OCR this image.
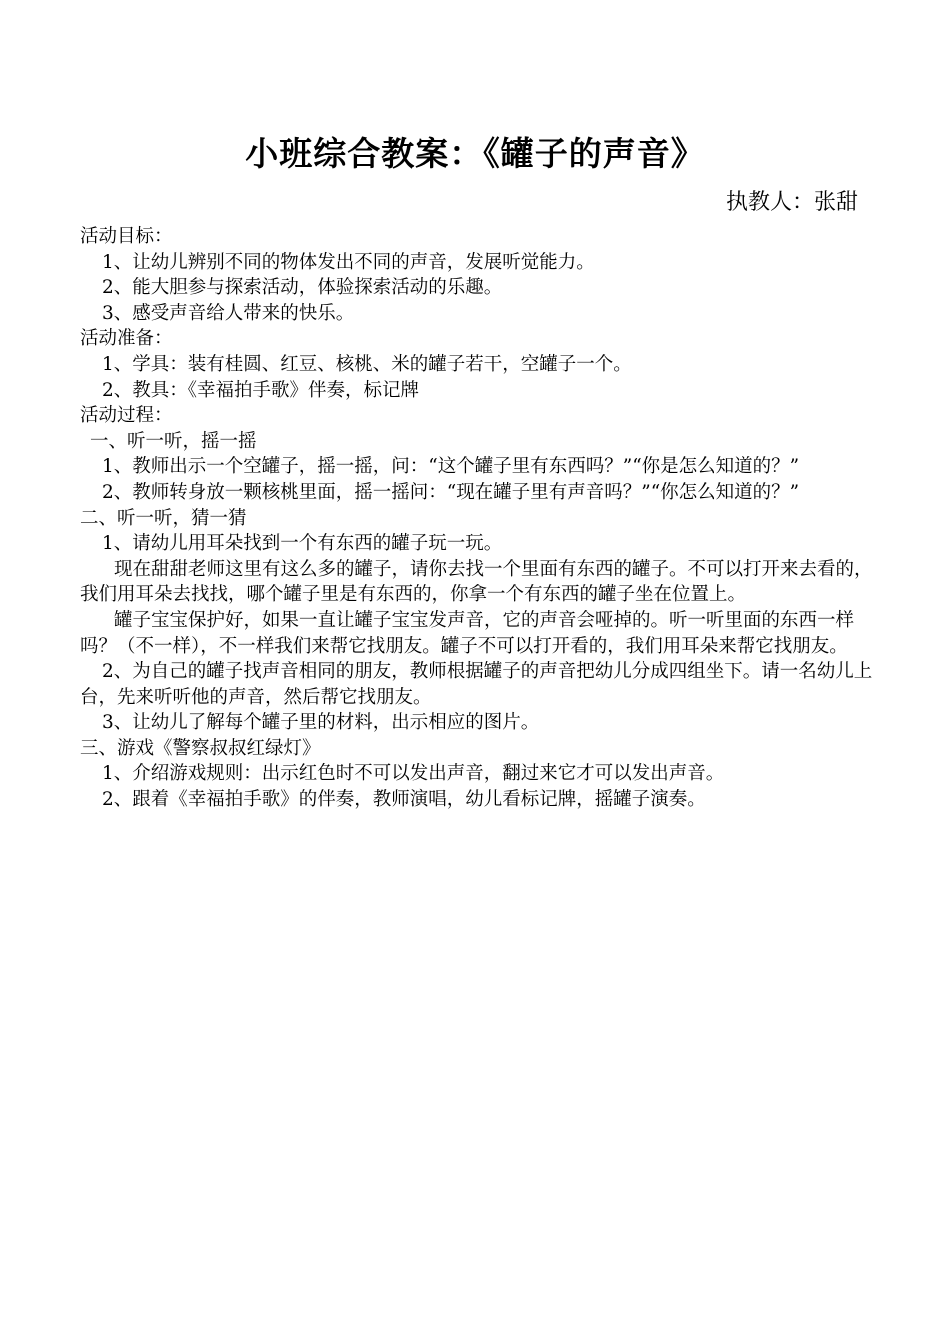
小班综合教案：《罐子的声音》
执教人：张甜
活动目标：
1、让幼儿辨别不同的物体发出不同的声音，发展听觉能力。
2、能大胆参与探索活动，体验探索活动的乐趣。
3、感受声音给人带来的快乐。
活动准备：
1、学具：装有桂圆、红豆、核桃、米的罐子若干，空罐子一个。
2、教具：《幸福拍手歌》伴奏，标记牌
活动过程：
一、听一听，摇一摇
1、教师出示一个空罐子，摇一摇，问：“这个罐子里有东西吗？”“你是怎么知道的？”
2、教师转身放一颗核桃里面，摇一摇问：“现在罐子里有声音吗？”“你怎么知道的？”
二、听一听，猜一猜
1、请幼儿用耳朵找到一个有东西的罐子玩一玩。
现在甜甜老师这里有这么多的罐子，请你去找一个里面有东西的罐子。不可以打开来去看的，我们用耳朵去找找，哪个罐子里是有东西的，你拿一个有东西的罐子坐在位置上。
罐子宝宝保护好，如果一直让罐子宝宝发声音，它的声音会哑掉的。听一听里面的东西一样吗？（不一样），不一样我们来帮它找朋友。罐子不可以打开看的，我们用耳朵来帮它找朋友。
2、为自己的罐子找声音相同的朋友，教师根据罐子的声音把幼儿分成四组坐下。请一名幼儿上台，先来听听他的声音，然后帮它找朋友。
3、让幼儿了解每个罐子里的材料，出示相应的图片。
三、游戏《警察叔叔红绿灯》
1、介绍游戏规则：出示红色时不可以发出声音，翻过来它才可以发出声音。
2、跟着《幸福拍手歌》的伴奏，教师演唱，幼儿看标记牌，摇罐子演奏。
